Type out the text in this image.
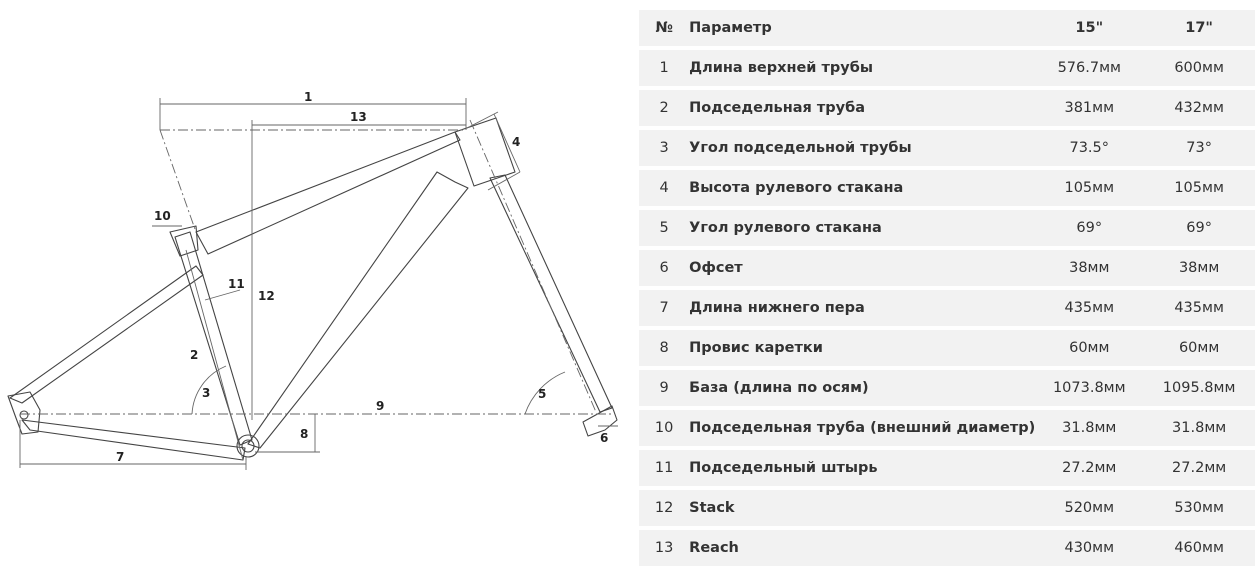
1
13
4
10
11
12
2
3
9
5
8	6
7
№	Параметр	15"	17"
1	Длина верхней трубы	576.7мм	600мм
2	Подседельная труба	381мм	432мм
3	Угол подседельной трубы	73.5°	73°
4	Высота рулевого стакана	105мм	105мм
5	Угол рулевого стакана	69°	69°
6	Офсет	38мм	38мм
7	Длина нижнего пера	435мм	435мм
8	Провис каретки	60мм	60мм
9	База (длина по осям)	1073.8мм	1095.8мм
10	Подседельная труба (внешний диаметр)	31.8мм	31.8мм
11	Подседельный штырь	27.2мм	27.2мм
12	Stack	520мм	530мм
13	Reach	430мм	460мм
